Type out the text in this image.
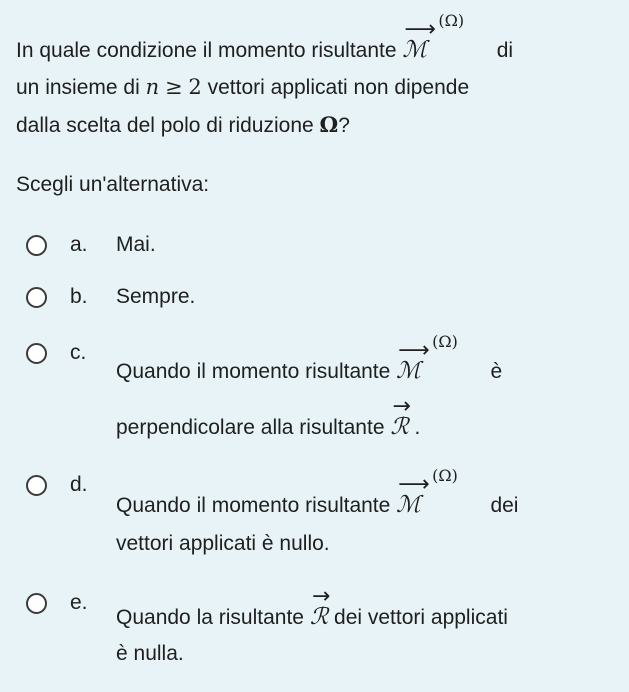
In quale condizione il momento risultante
⟶
ℳ
(Ω)
di
un insieme di n ≥ 2 vettori applicati non dipende
dalla scelta del polo di riduzione Ω?
Scegli un'alternativa:
a. Mai.
b. Sempre.
c.
Quando il momento risultante
⟶
ℳ
(Ω)
è
perpendicolare alla risultante
→
ℛ .
d.
Quando il momento risultante
⟶
ℳ
(Ω)
dei
vettori applicati è nullo.
e.
Quando la risultante
→
ℛ dei vettori applicati
è nulla.
